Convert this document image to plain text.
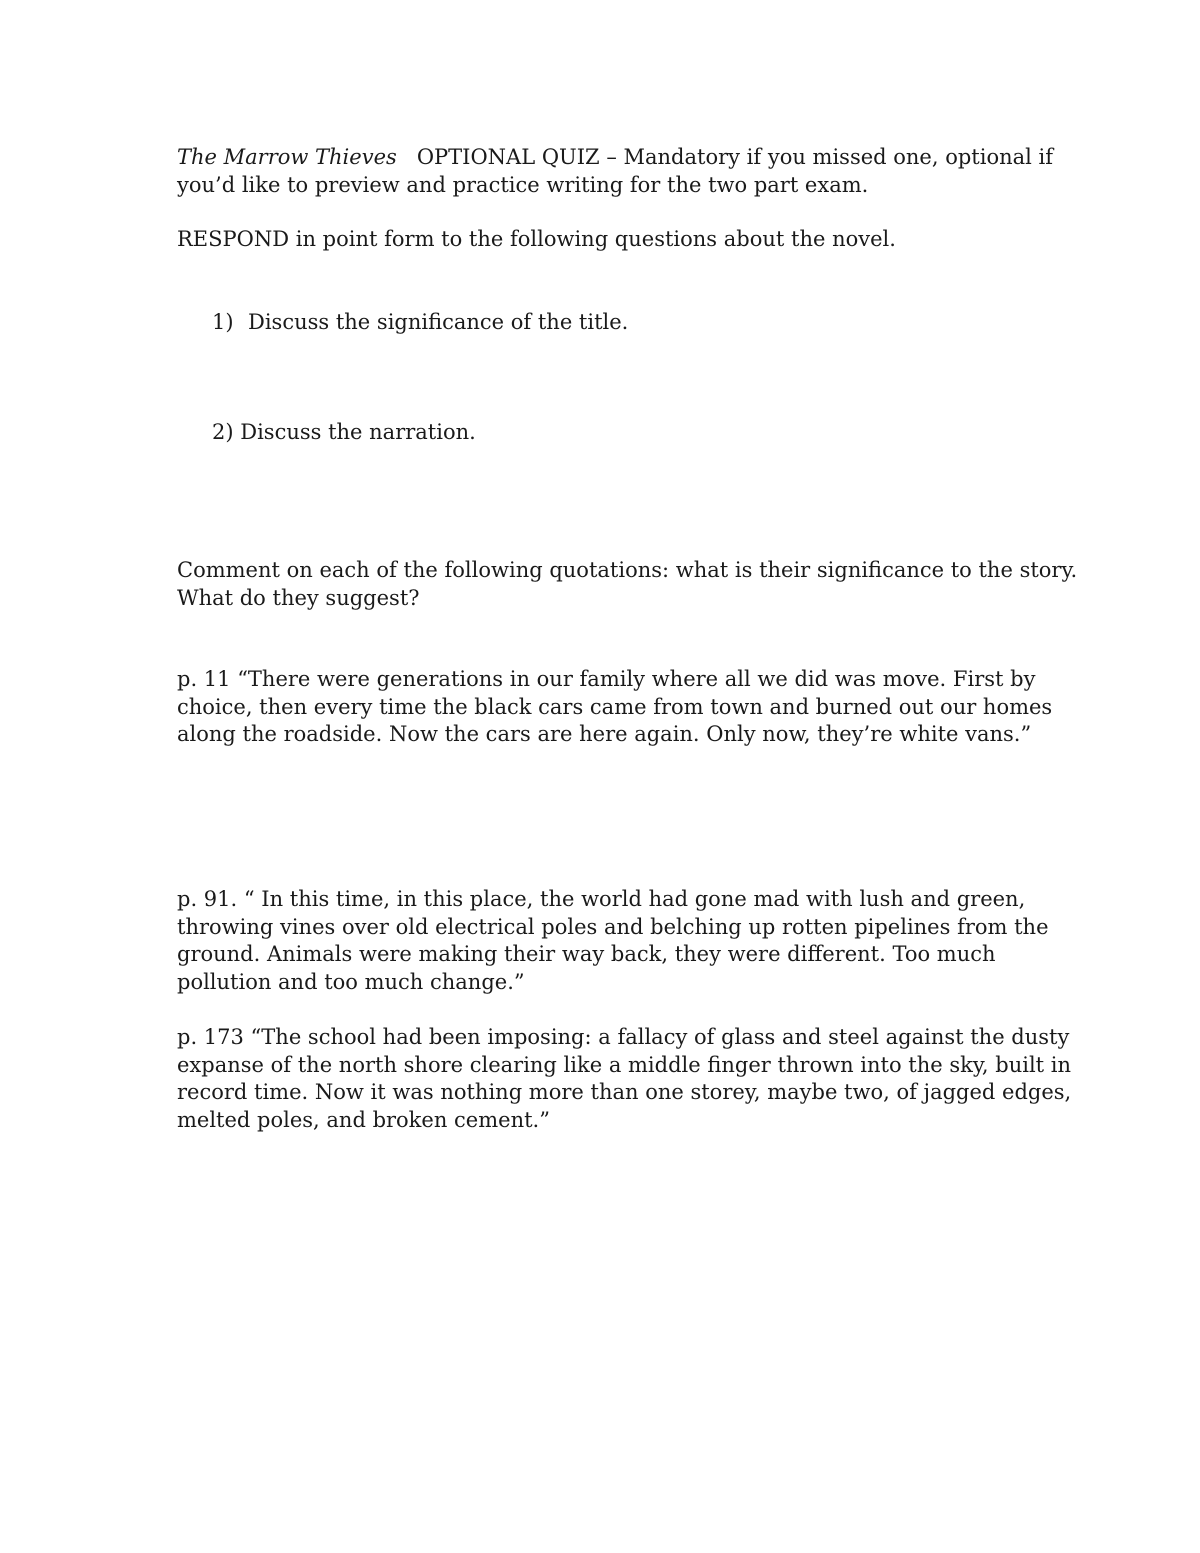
The Marrow Thieves OPTIONAL QUIZ – Mandatory if you missed one, optional if
you’d like to preview and practice writing for the two part exam.
RESPOND in point form to the following questions about the novel.
1) Discuss the significance of the title.
2) Discuss the narration.
Comment on each of the following quotations: what is their significance to the story.
What do they suggest?
p. 11 “There were generations in our family where all we did was move. First by
choice, then every time the black cars came from town and burned out our homes
along the roadside. Now the cars are here again. Only now, they’re white vans.”
p. 91. “ In this time, in this place, the world had gone mad with lush and green,
throwing vines over old electrical poles and belching up rotten pipelines from the
ground. Animals were making their way back, they were different. Too much
pollution and too much change.”
p. 173 “The school had been imposing: a fallacy of glass and steel against the dusty
expanse of the north shore clearing like a middle finger thrown into the sky, built in
record time. Now it was nothing more than one storey, maybe two, of jagged edges,
melted poles, and broken cement.”
